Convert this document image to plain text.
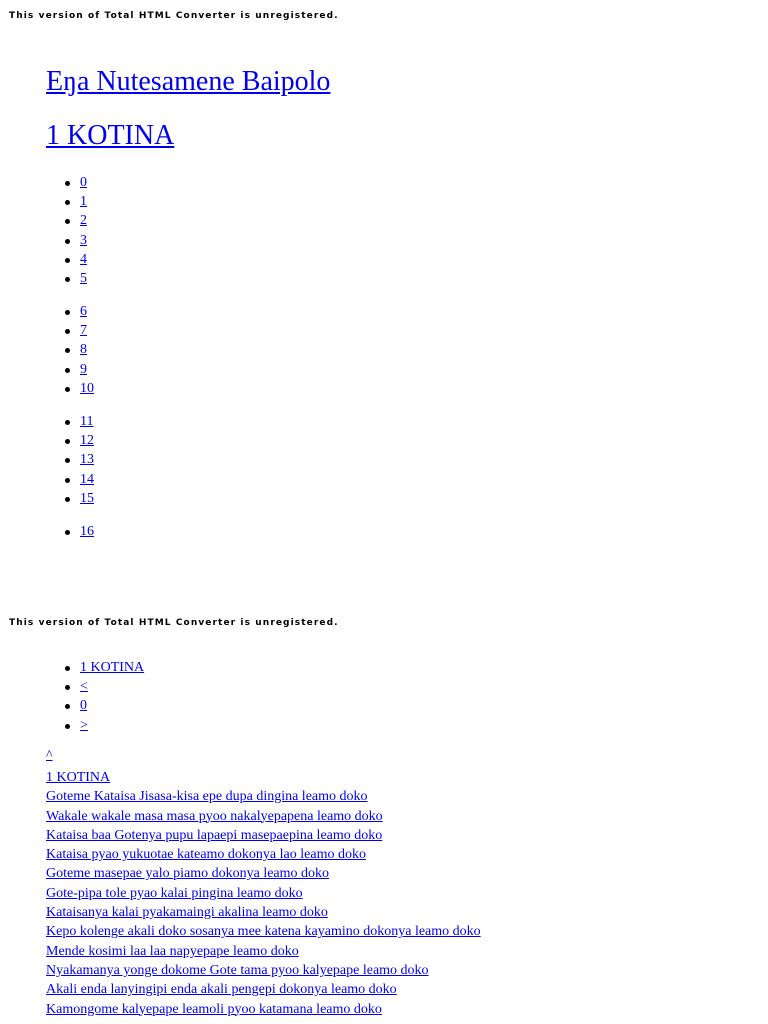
This version of Total HTML Converter is unregistered.
Eŋa Nutesamene Baipolo
1 KOTINA
0
1
2
3
4
5
6
7
8
9
10
11
12
13
14
15
16
This version of Total HTML Converter is unregistered.
1 KOTINA
<
0
>
^
1 KOTINA
Goteme Kataisa Jisasa-kisa epe dupa dingina leamo doko
Wakale wakale masa masa pyoo nakalyepapena leamo doko
Kataisa baa Gotenya pupu lapaepi masepaepina leamo doko
Kataisa pyao yukuotae kateamo dokonya lao leamo doko
Goteme masepae yalo piamo dokonya leamo doko
Gote-pipa tole pyao kalai pingina leamo doko
Kataisanya kalai pyakamaingi akalina leamo doko
Kepo kolenge akali doko sosanya mee katena kayamino dokonya leamo doko
Mende kosimi laa laa napyepape leamo doko
Nyakamanya yonge dokome Gote tama pyoo kalyepape leamo doko
Akali enda lanyingipi enda akali pengepi dokonya leamo doko
Kamongome kalyepape leamoli pyoo katamana leamo doko
